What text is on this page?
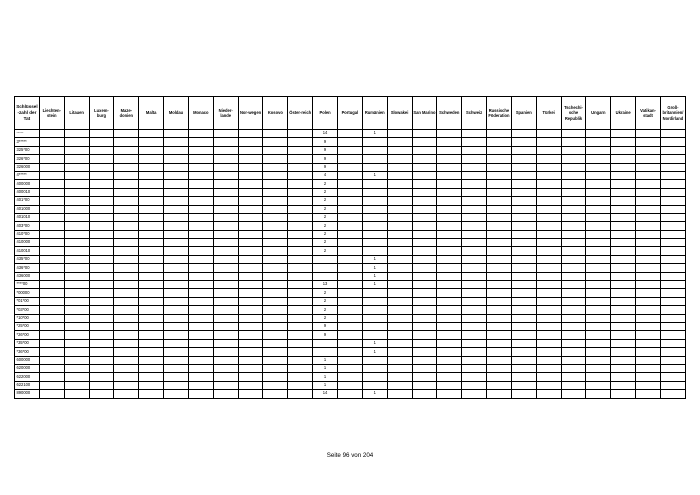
Schlüssel-zahl der Tat	Liechten-stein	Litauen	Luxem-burg	Maze-donien	Malta	Moldau	Monaco	Nieder-lande	Nor-wegen	Kosovo	Öster-reich	Polen	Portugal	Rumänien	Slowakei	San Marino	Schweden	Schweiz	Russische Föderation	Spanien	Türkei	Tschechi-sche Republik	Ungarn	Ukraine	Vatikan-stadt	Groß-britannien/ Nordirland
-----												14		1												
3*****												9														
325*00												9														
326*00												9														
326000												9														
4*****												4		1												
400000												2														
400010												2														
401*00												2														
401000												2														
401010												2														
403*00												2														
410*00												2														
410000												2														
410010												2														
435*00														1												
436*00														1												
436000														1												
****00												13		1												
*00000												2														
*01*00												2														
*03*00												2														
*10*00												2														
*25*00												9														
*26*00												9														
*35*00														1												
*36*00														1												
600000												1														
620000												1														
622000												1														
622100												1														
890000												14		1												
Seite 96 von 204
